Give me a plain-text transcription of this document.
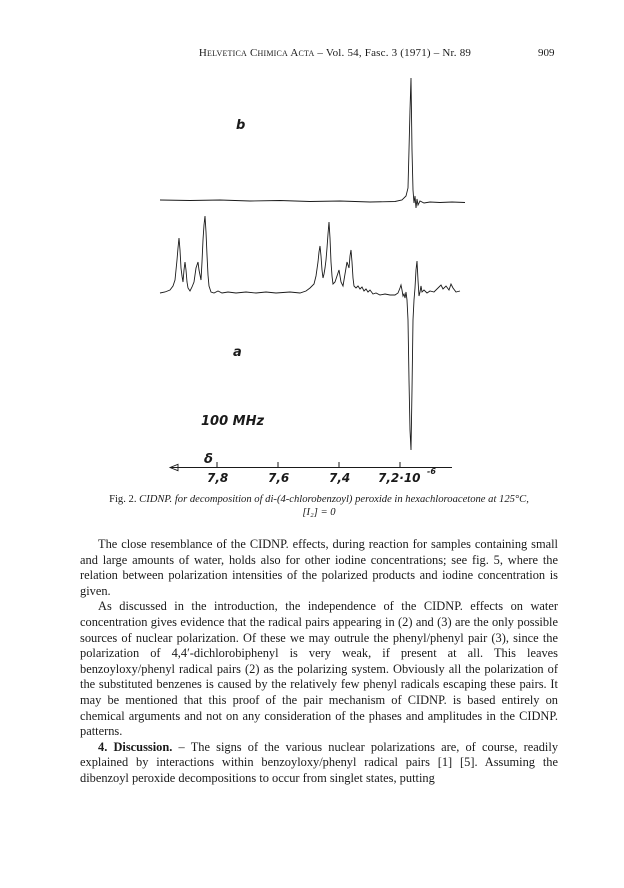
Helvetica Chimica Acta – Vol. 54, Fasc. 3 (1971) – Nr. 89	909
b
a
100 MHz
δ
7,8	7,6	7,4 7,2·10 -6
Fig. 2. CIDNP. for decomposition of di-(4-chlorobenzoyl) peroxide in hexachloroacetone at 125°C,
[I₂] = 0

The close resemblance of the CIDNP. effects, during reaction for samples containing small and large amounts of water, holds also for other iodine concentrations; see fig. 5, where the relation between polarization intensities of the polarized products and iodine concentration is given.

As discussed in the introduction, the independence of the CIDNP. effects on water concentration gives evidence that the radical pairs appearing in (2) and (3) are the only possible sources of nuclear polarization. Of these we may outrule the phenyl/phenyl pair (3), since the polarization of 4,4′-dichlorobiphenyl is very weak, if present at all. This leaves benzoyloxy/phenyl radical pairs (2) as the polarizing system. Obviously all the polarization of the substituted benzenes is caused by the relatively few phenyl radicals escaping these pairs. It may be mentioned that this proof of the pair mechanism of CIDNP. is based entirely on chemical arguments and not on any consideration of the phases and amplitudes in the CIDNP. patterns.

4. Discussion. – The signs of the various nuclear polarizations are, of course, readily explained by interactions within benzoyloxy/phenyl radical pairs [1] [5]. Assuming the dibenzoyl peroxide decompositions to occur from singlet states, putting
